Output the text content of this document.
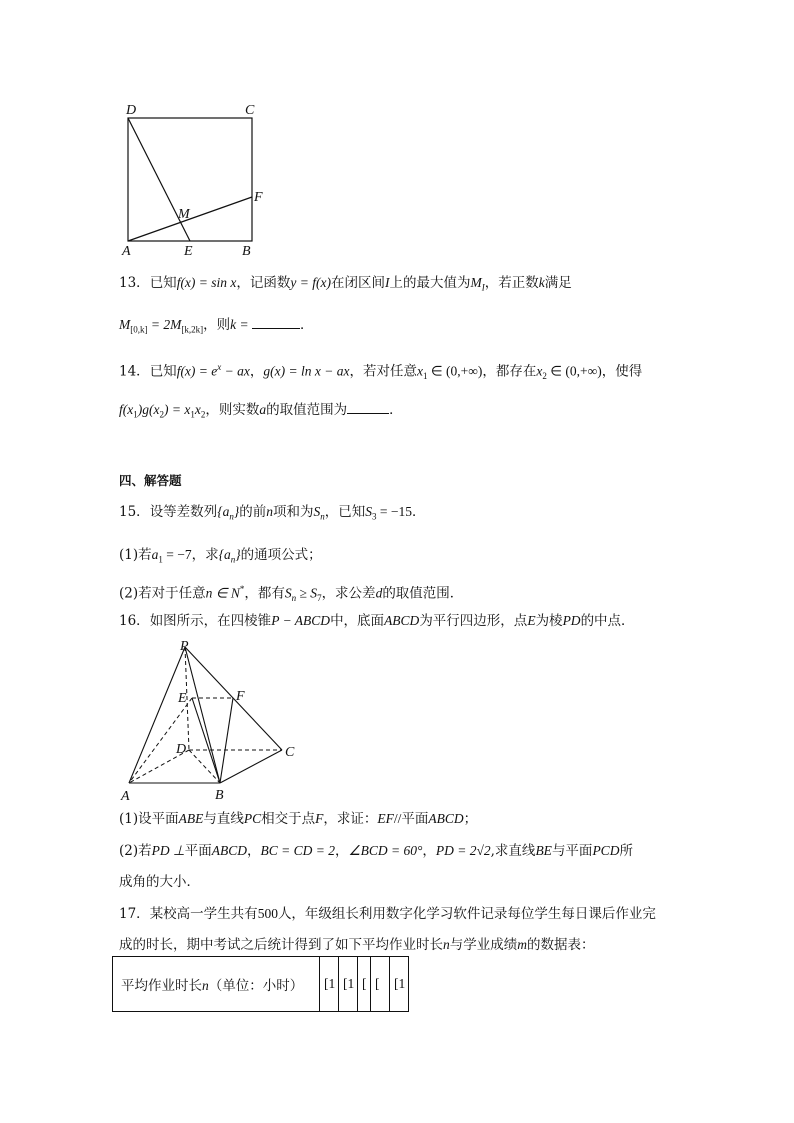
D	C
F
M
A	E	B
13．已知f(x) = sin x，记函数y = f(x)在闭区间I上的最大值为$M_I$，若正数k满足
$M_{[0,k]} = 2M_{[k,2k]}$，则k =	．
14．已知$f(x) = e^x$ − ax，g(x) = ln x − ax，若对任意$x_1$ ∈ (0,+∞)，都存在$x_2$ ∈ (0,+∞)，使得
$f(x_1)g(x_2) = x_1x_2$，则实数a的取值范围为	．
四、解答题
15．设等差数列$\{a_n\}$的前n项和为$S_n$，已知$S_3 = -15$．
(1)若$a_1 = -7$，求$\{a_n\}$的通项公式；
(2)若对于任意n ∈ N*，都有$S_n \ge S_7$，求公差d的取值范围．
16．如图所示，在四棱锥P − ABCD中，底面ABCD为平行四边形，点E为棱PD的中点．
P
E	F
D	C
A	B
(1)设平面ABE与直线PC相交于点F，求证：EF//平面ABCD；
(2)若PD ⊥平面ABCD，BC = CD = 2，∠BCD = 60°，PD = 2√2,求直线BE与平面PCD所
成角的大小．
17．某校高一学生共有500人，年级组长利用数字化学习软件记录每位学生每日课后作业完
成的时长，期中考试之后统计得到了如下平均作业时长n与学业成绩m的数据表：
平均作业时长n（单位：小时）	[1	[1	[	[	[1
